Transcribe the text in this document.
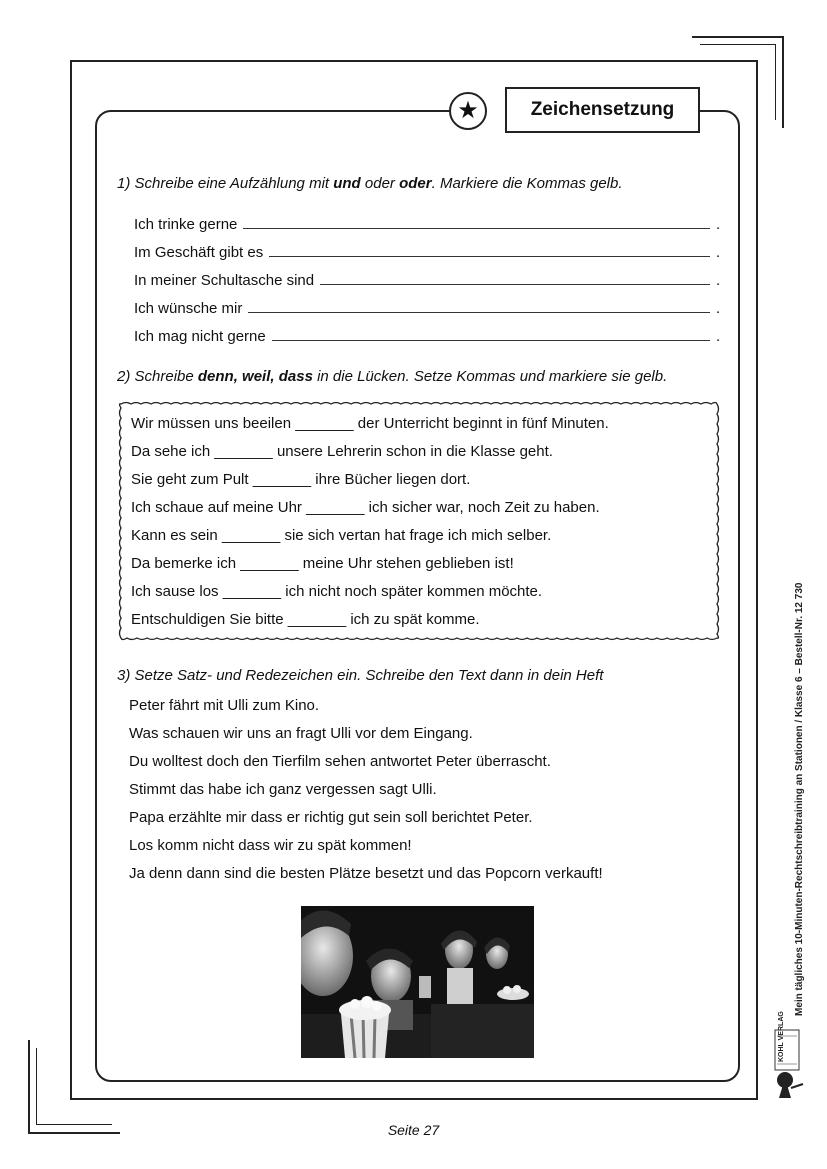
★	Zeichensetzung
1) Schreibe eine Aufzählung mit und oder oder. Markiere die Kommas gelb.
Ich trinke gerne	.
Im Geschäft gibt es	.
In meiner Schultasche sind	.
Ich wünsche mir	.
Ich mag nicht gerne	.
2) Schreibe denn, weil, dass in die Lücken. Setze Kommas und markiere sie gelb.
Wir müssen uns beeilen _______ der Unterricht beginnt in fünf Minuten.
Da sehe ich _______ unsere Lehrerin schon in die Klasse geht.
Sie geht zum Pult _______ ihre Bücher liegen dort.
Ich schaue auf meine Uhr _______ ich sicher war, noch Zeit zu haben.
Kann es sein _______ sie sich vertan hat frage ich mich selber.
Da bemerke ich _______ meine Uhr stehen geblieben ist!
Ich sause los _______ ich nicht noch später kommen möchte.
Entschuldigen Sie bitte _______ ich zu spät komme.
3) Setze Satz- und Redezeichen ein. Schreibe den Text dann in dein Heft
Peter fährt mit Ulli zum Kino.
Was schauen wir uns an fragt Ulli vor dem Eingang.
Du wolltest doch den Tierfilm sehen antwortet Peter überrascht.
Stimmt das habe ich ganz vergessen sagt Ulli.
Papa erzählte mir dass er richtig gut sein soll berichtet Peter.
Los komm nicht dass wir zu spät kommen!
Ja denn dann sind die besten Plätze besetzt und das Popcorn verkauft!
Seite 27
Mein tägliches 10-Minuten-Rechtschreibtraining an Stationen / Klasse 6 – Bestell-Nr. 12 730
KOHL VERLAG
